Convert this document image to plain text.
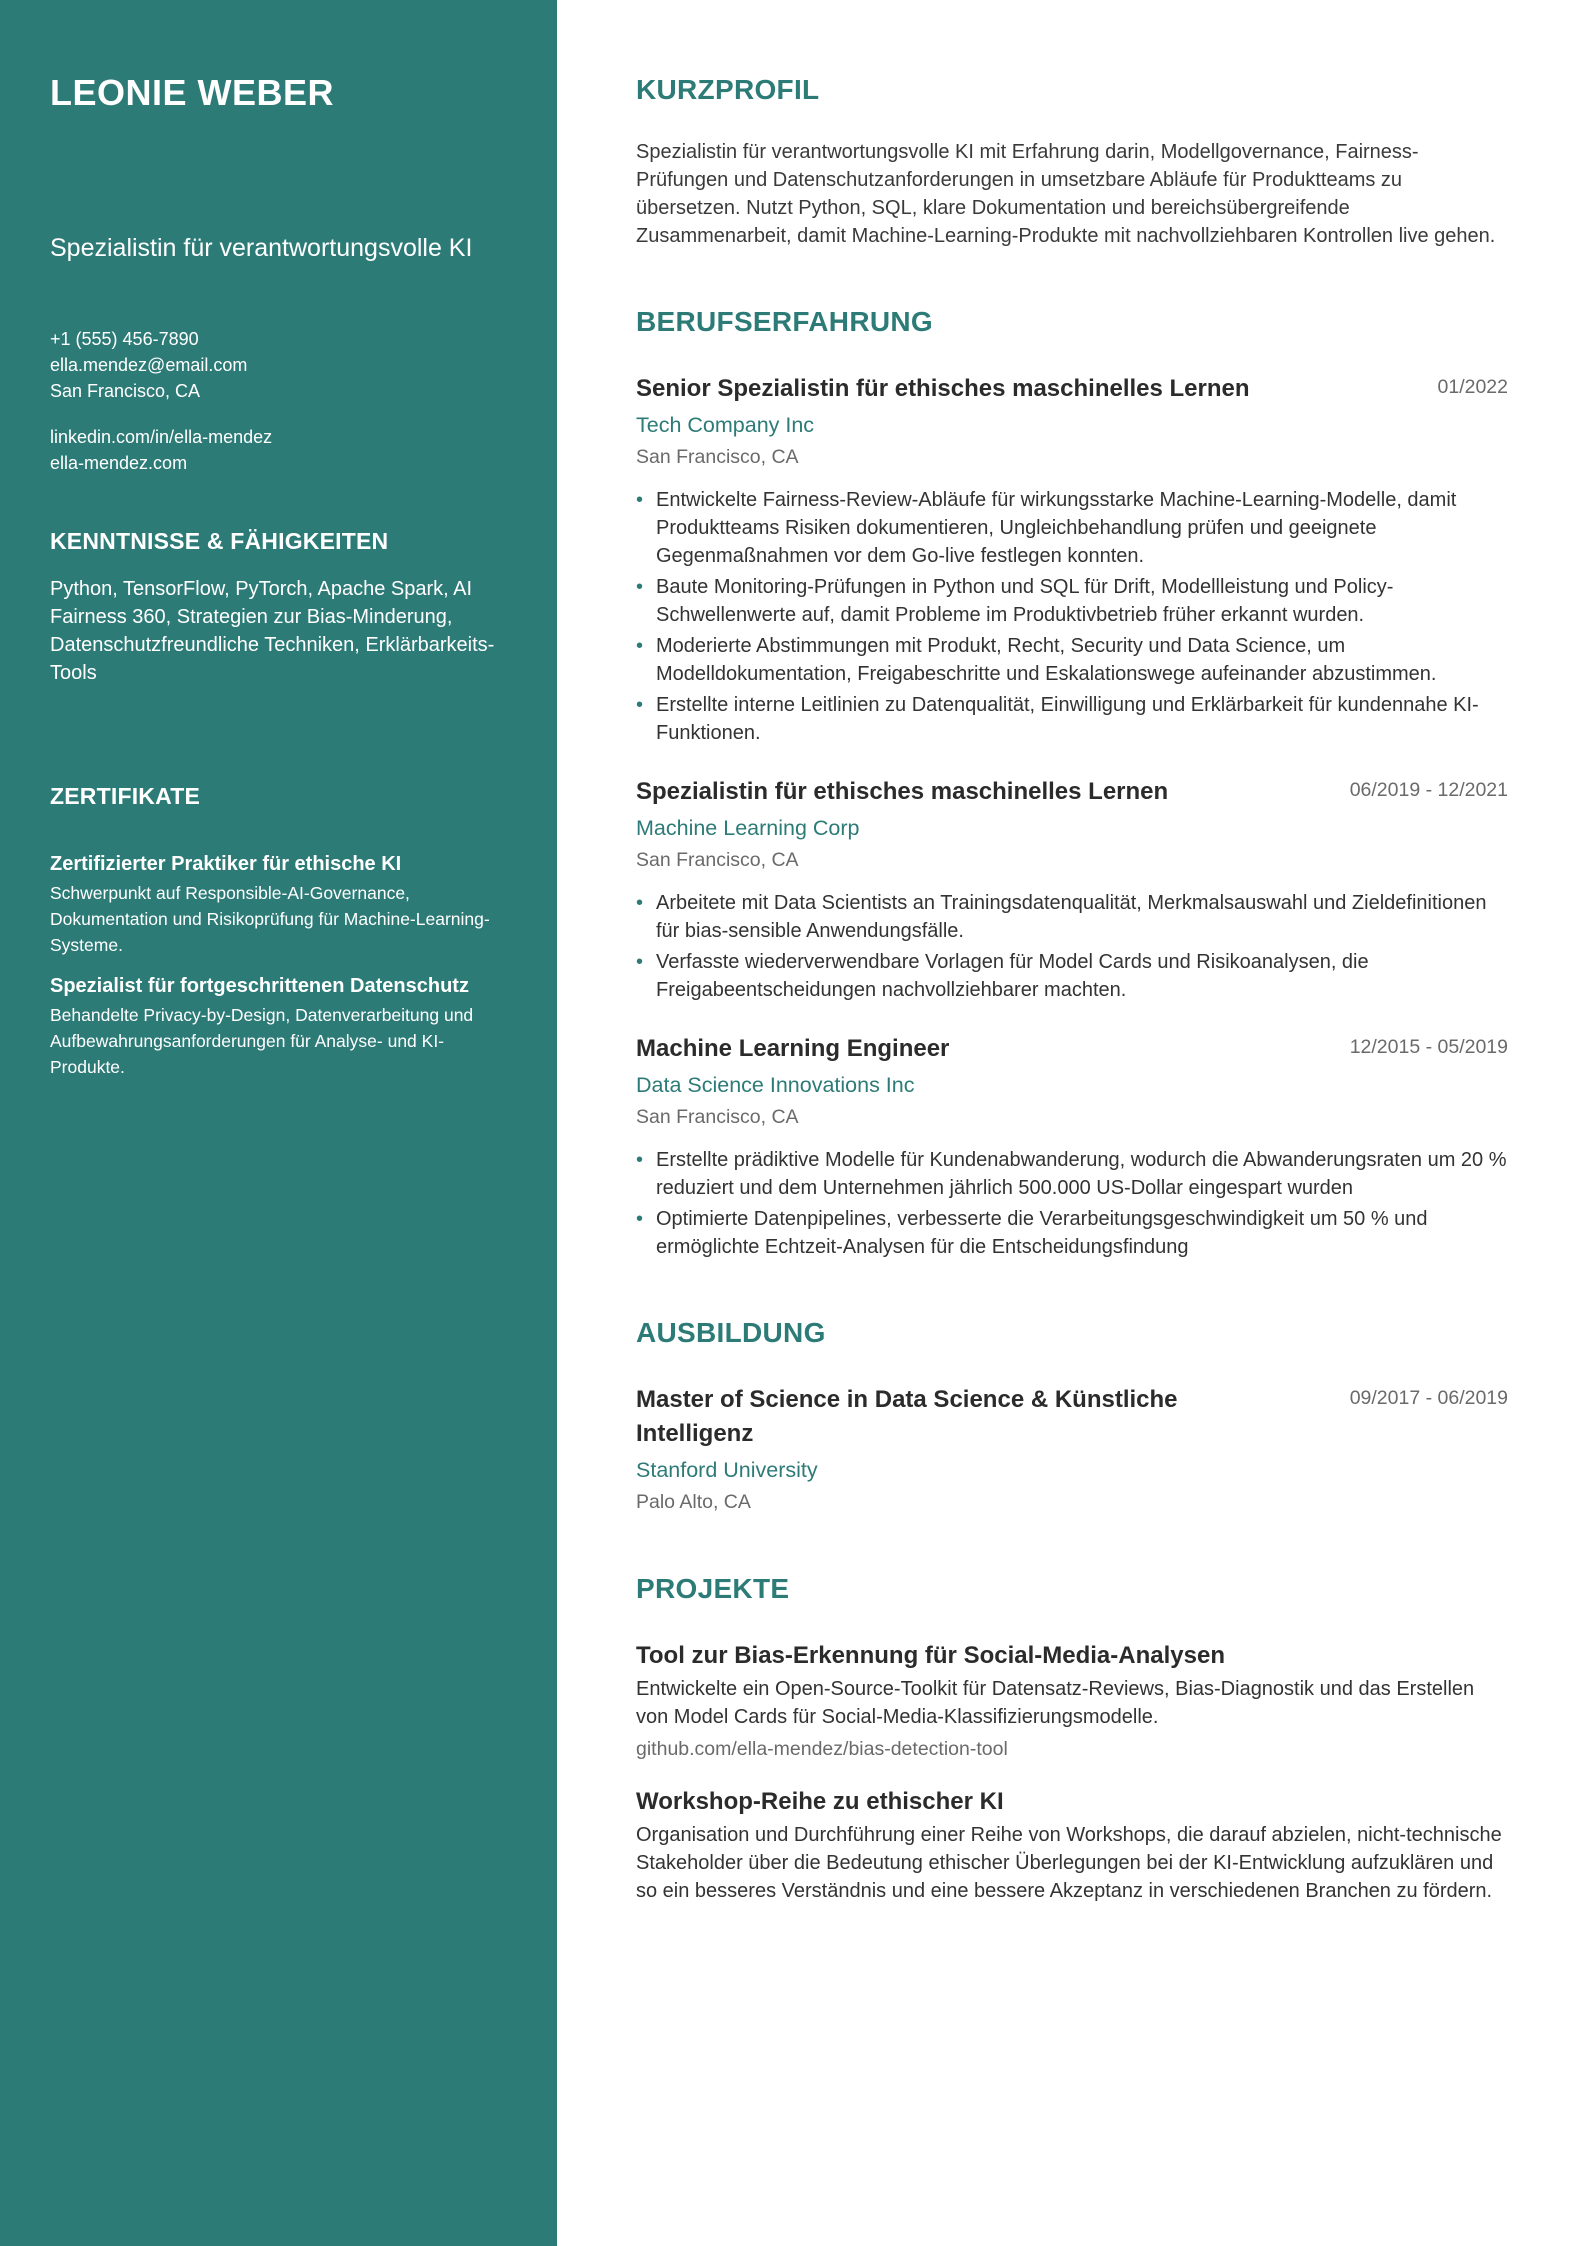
LEONIE WEBER
Spezialistin für verantwortungsvolle KI
+1 (555) 456-7890
ella.mendez@email.com
San Francisco, CA
linkedin.com/in/ella-mendez
ella-mendez.com
KENNTNISSE & FÄHIGKEITEN
Python, TensorFlow, PyTorch, Apache Spark, AI Fairness 360, Strategien zur Bias-Minderung, Datenschutzfreundliche Techniken, Erklärbarkeits-Tools
ZERTIFIKATE
Zertifizierter Praktiker für ethische KI
Schwerpunkt auf Responsible-AI-Governance, Dokumentation und Risikoprüfung für Machine-Learning-Systeme.
Spezialist für fortgeschrittenen Datenschutz
Behandelte Privacy-by-Design, Datenverarbeitung und Aufbewahrungsanforderungen für Analyse- und KI-Produkte.
KURZPROFIL
Spezialistin für verantwortungsvolle KI mit Erfahrung darin, Modellgovernance, Fairness-Prüfungen und Datenschutzanforderungen in umsetzbare Abläufe für Produktteams zu übersetzen. Nutzt Python, SQL, klare Dokumentation und bereichsübergreifende Zusammenarbeit, damit Machine-Learning-Produkte mit nachvollziehbaren Kontrollen live gehen.
BERUFSERFAHRUNG
Senior Spezialistin für ethisches maschinelles Lernen	01/2022
Tech Company Inc
San Francisco, CA
• Entwickelte Fairness-Review-Abläufe für wirkungsstarke Machine-Learning-Modelle, damit Produktteams Risiken dokumentieren, Ungleichbehandlung prüfen und geeignete Gegenmaßnahmen vor dem Go-live festlegen konnten.
• Baute Monitoring-Prüfungen in Python und SQL für Drift, Modellleistung und Policy-Schwellenwerte auf, damit Probleme im Produktivbetrieb früher erkannt wurden.
• Moderierte Abstimmungen mit Produkt, Recht, Security und Data Science, um Modelldokumentation, Freigabeschritte und Eskalationswege aufeinander abzustimmen.
• Erstellte interne Leitlinien zu Datenqualität, Einwilligung und Erklärbarkeit für kundennahe KI-Funktionen.
Spezialistin für ethisches maschinelles Lernen	06/2019 - 12/2021
Machine Learning Corp
San Francisco, CA
• Arbeitete mit Data Scientists an Trainingsdatenqualität, Merkmalsauswahl und Zieldefinitionen für bias-sensible Anwendungsfälle.
• Verfasste wiederverwendbare Vorlagen für Model Cards und Risikoanalysen, die Freigabeentscheidungen nachvollziehbarer machten.
Machine Learning Engineer	12/2015 - 05/2019
Data Science Innovations Inc
San Francisco, CA
• Erstellte prädiktive Modelle für Kundenabwanderung, wodurch die Abwanderungsraten um 20 % reduziert und dem Unternehmen jährlich 500.000 US-Dollar eingespart wurden
• Optimierte Datenpipelines, verbesserte die Verarbeitungsgeschwindigkeit um 50 % und ermöglichte Echtzeit-Analysen für die Entscheidungsfindung
AUSBILDUNG
Master of Science in Data Science & Künstliche Intelligenz
09/2017 - 06/2019
Stanford University
Palo Alto, CA
PROJEKTE
Tool zur Bias-Erkennung für Social-Media-Analysen
Entwickelte ein Open-Source-Toolkit für Datensatz-Reviews, Bias-Diagnostik und das Erstellen von Model Cards für Social-Media-Klassifizierungsmodelle.
github.com/ella-mendez/bias-detection-tool
Workshop-Reihe zu ethischer KI
Organisation und Durchführung einer Reihe von Workshops, die darauf abzielen, nicht-technische Stakeholder über die Bedeutung ethischer Überlegungen bei der KI-Entwicklung aufzuklären und so ein besseres Verständnis und eine bessere Akzeptanz in verschiedenen Branchen zu fördern.
